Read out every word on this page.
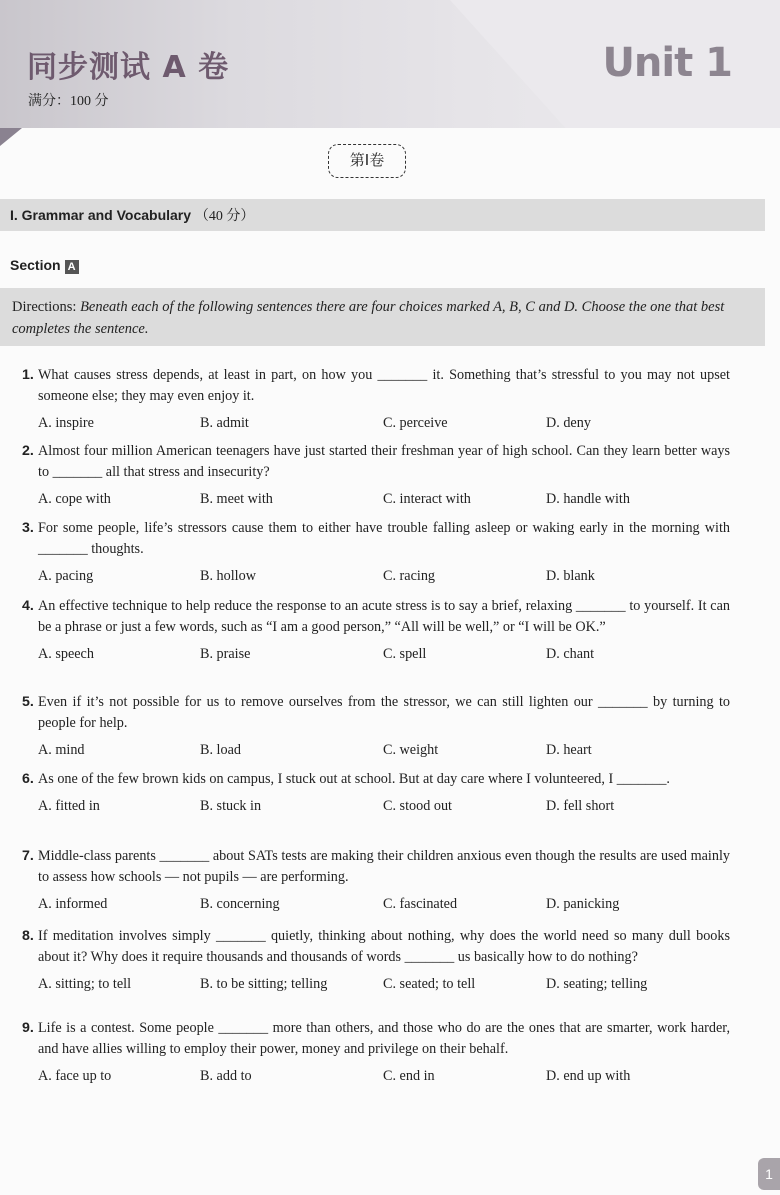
同步测试 A 卷
满分：100 分
Unit 1
第Ⅰ卷
I. Grammar and Vocabulary （40 分）
Section A
Directions: Beneath each of the following sentences there are four choices marked A, B, C and D. Choose the one that best completes the sentence.
1. What causes stress depends, at least in part, on how you _______ it. Something that’s stressful to you may not upset someone else; they may even enjoy it.
A. inspire	B. admit	C. perceive	D. deny
2. Almost four million American teenagers have just started their freshman year of high school. Can they learn better ways to _______ all that stress and insecurity?
A. cope with	B. meet with	C. interact with	D. handle with
3. For some people, life’s stressors cause them to either have trouble falling asleep or waking early in the morning with _______ thoughts.
A. pacing	B. hollow	C. racing	D. blank
4. An effective technique to help reduce the response to an acute stress is to say a brief, relaxing _______ to yourself. It can be a phrase or just a few words, such as “I am a good person,” “All will be well,” or “I will be OK.”
A. speech	B. praise	C. spell	D. chant
5. Even if it’s not possible for us to remove ourselves from the stressor, we can still lighten our _______ by turning to people for help.
A. mind	B. load	C. weight	D. heart
6. As one of the few brown kids on campus, I stuck out at school. But at day care where I volunteered, I _______.
A. fitted in	B. stuck in	C. stood out	D. fell short
7. Middle-class parents _______ about SATs tests are making their children anxious even though the results are used mainly to assess how schools — not pupils — are performing.
A. informed	B. concerning	C. fascinated	D. panicking
8. If meditation involves simply _______ quietly, thinking about nothing, why does the world need so many dull books about it? Why does it require thousands and thousands of words _______ us basically how to do nothing?
A. sitting; to tell	B. to be sitting; telling	C. seated; to tell	D. seating; telling
9. Life is a contest. Some people _______ more than others, and those who do are the ones that are smarter, work harder, and have allies willing to employ their power, money and privilege on their behalf.
A. face up to	B. add to	C. end in	D. end up with
1
